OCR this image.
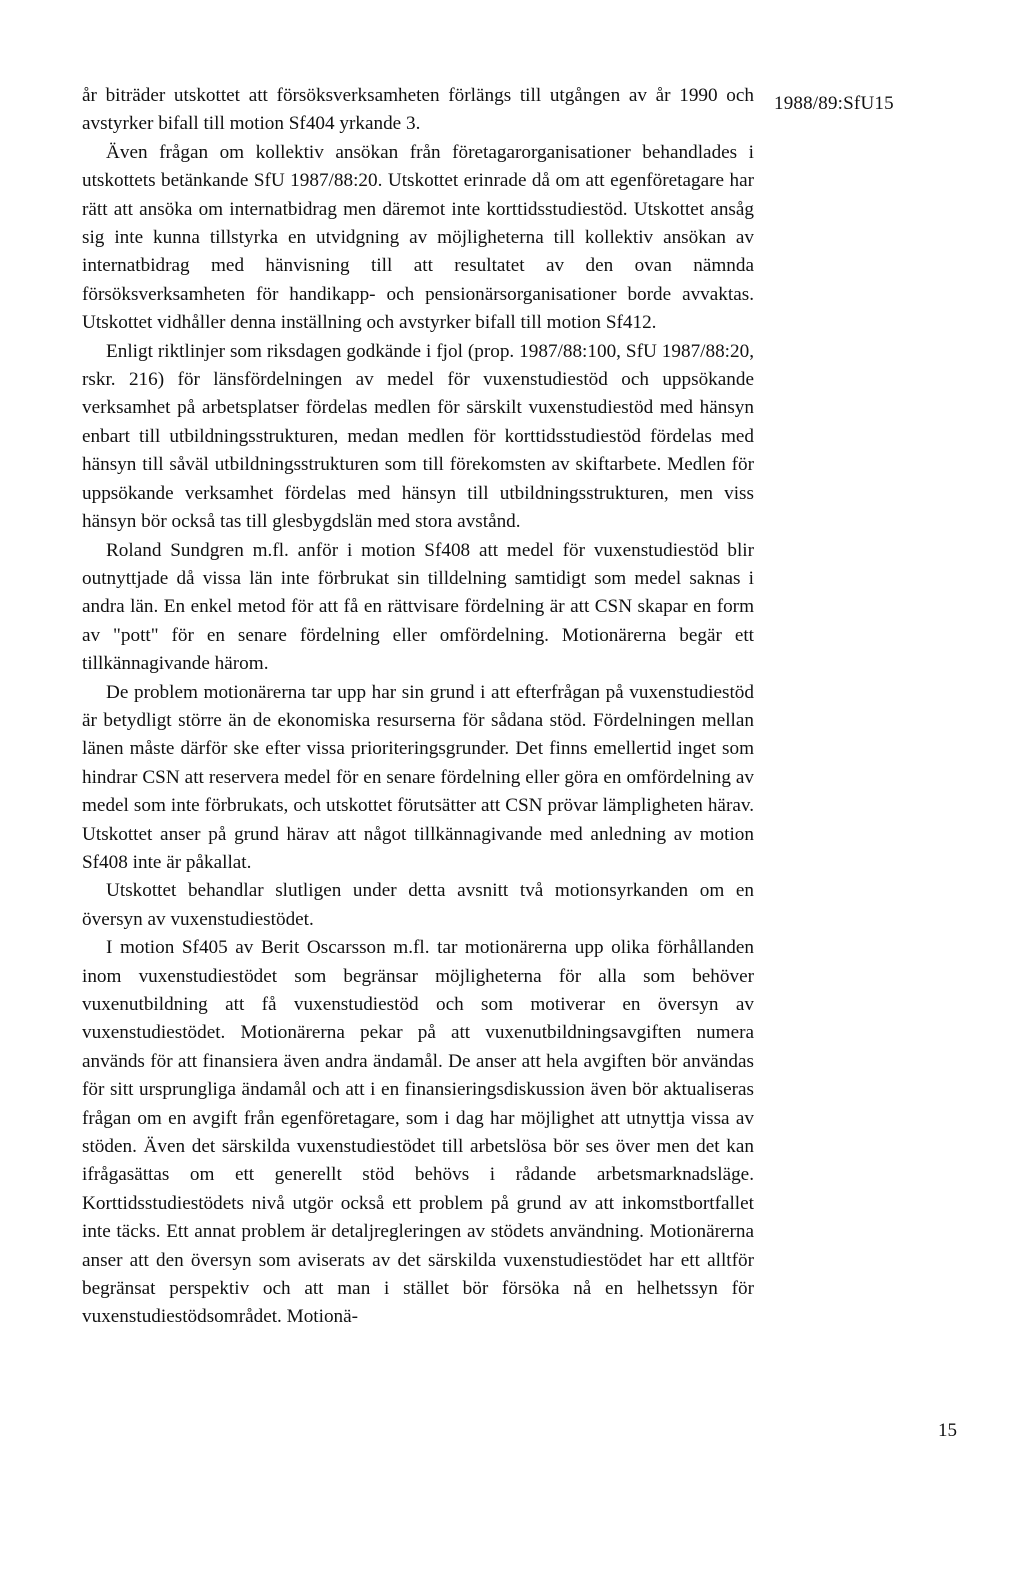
1988/89:SfU15

år biträder utskottet att försöksverksamheten förlängs till utgången av år 1990 och avstyrker bifall till motion Sf404 yrkande 3.

Även frågan om kollektiv ansökan från företagarorganisationer behandlades i utskottets betänkande SfU 1987/88:20. Utskottet erinrade då om att egenföretagare har rätt att ansöka om internatbidrag men däremot inte korttidsstudiestöd. Utskottet ansåg sig inte kunna tillstyrka en utvidgning av möjligheterna till kollektiv ansökan av internatbidrag med hänvisning till att resultatet av den ovan nämnda försöksverksamheten för handikapp- och pensionärsorganisationer borde avvaktas. Utskottet vidhåller denna inställning och avstyrker bifall till motion Sf412.

Enligt riktlinjer som riksdagen godkände i fjol (prop. 1987/88:100, SfU 1987/88:20, rskr. 216) för länsfördelningen av medel för vuxenstudiestöd och uppsökande verksamhet på arbetsplatser fördelas medlen för särskilt vuxenstudiestöd med hänsyn enbart till utbildningsstrukturen, medan medlen för korttidsstudiestöd fördelas med hänsyn till såväl utbildningsstrukturen som till förekomsten av skiftarbete. Medlen för uppsökande verksamhet fördelas med hänsyn till utbildningsstrukturen, men viss hänsyn bör också tas till glesbygdslän med stora avstånd.

Roland Sundgren m.fl. anför i motion Sf408 att medel för vuxenstudiestöd blir outnyttjade då vissa län inte förbrukat sin tilldelning samtidigt som medel saknas i andra län. En enkel metod för att få en rättvisare fördelning är att CSN skapar en form av "pott" för en senare fördelning eller omfördelning. Motionärerna begär ett tillkännagivande härom.

De problem motionärerna tar upp har sin grund i att efterfrågan på vuxenstudiestöd är betydligt större än de ekonomiska resurserna för sådana stöd. Fördelningen mellan länen måste därför ske efter vissa prioriteringsgrunder. Det finns emellertid inget som hindrar CSN att reservera medel för en senare fördelning eller göra en omfördelning av medel som inte förbrukats, och utskottet förutsätter att CSN prövar lämpligheten härav. Utskottet anser på grund härav att något tillkännagivande med anledning av motion Sf408 inte är påkallat.

Utskottet behandlar slutligen under detta avsnitt två motionsyrkanden om en översyn av vuxenstudiestödet.

I motion Sf405 av Berit Oscarsson m.fl. tar motionärerna upp olika förhållanden inom vuxenstudiestödet som begränsar möjligheterna för alla som behöver vuxenutbildning att få vuxenstudiestöd och som motiverar en översyn av vuxenstudiestödet. Motionärerna pekar på att vuxenutbildningsavgiften numera används för att finansiera även andra ändamål. De anser att hela avgiften bör användas för sitt ursprungliga ändamål och att i en finansieringsdiskussion även bör aktualiseras frågan om en avgift från egenföretagare, som i dag har möjlighet att utnyttja vissa av stöden. Även det särskilda vuxenstudiestödet till arbetslösa bör ses över men det kan ifrågasättas om ett generellt stöd behövs i rådande arbetsmarknadsläge. Korttidsstudiestödets nivå utgör också ett problem på grund av att inkomstbortfallet inte täcks. Ett annat problem är detaljregleringen av stödets användning. Motionärerna anser att den översyn som aviserats av det särskilda vuxenstudiestödet har ett alltför begränsat perspektiv och att man i stället bör försöka nå en helhetssyn för vuxenstudiestödsområdet. Motionä-

15
